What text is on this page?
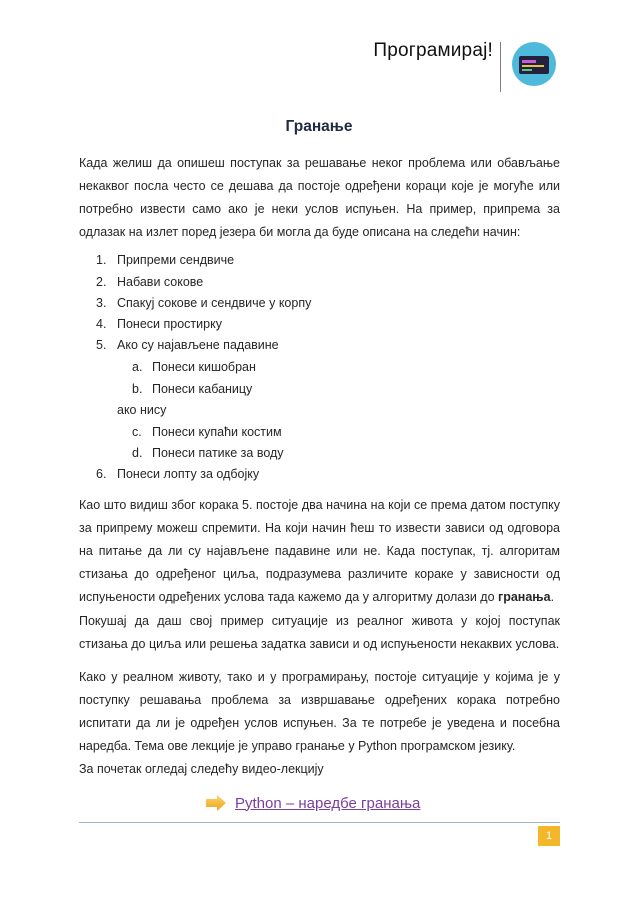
Програмирај!
Гранање

Када желиш да опишеш поступак за решавање неког проблема или обављање некаквог посла често се дешава да постоје одређени кораци које је могуће или потребно извести само ако је неки услов испуњен. На пример, припрема за одлазак на излет поред језера би могла да буде описана на следећи начин:

1. Припреми сендвиче
2. Набави сокове
3. Спакуј сокове и сендвиче у корпу
4. Понеси простирку
5. Ако су најављене падавине
a. Понеси кишобран
b. Понеси кабаницу
ако нису
c. Понеси купаћи костим
d. Понеси патике за воду
6. Понеси лопту за одбојку

Као што видиш због корака 5. постоје два начина на који се према датом поступку за припрему можеш спремити. На који начин ћеш то извести зависи од одговора на питање да ли су најављене падавине или не. Када поступак, тј. алгоритам стизања до одређеног циља, подразумева различите кораке у зависности од испуњености одређених услова тада кажемо да у алгоритму долази до гранања.

Покушај да даш свој пример ситуације из реалног живота у којој поступак стизања до циља или решења задатка зависи и од испуњености некаквих услова.

Како у реалном животу, тако и у програмирању, постоје ситуације у којима је у поступку решавања проблема за извршавање одређених корака потребно испитати да ли је одређен услов испуњен. За те потребе је уведена и посебна наредба. Тема ове лекције је управо гранање у Python програмском језику.

За почетак огледај следећу видео-лекцију

Python – наредбе гранања
1
